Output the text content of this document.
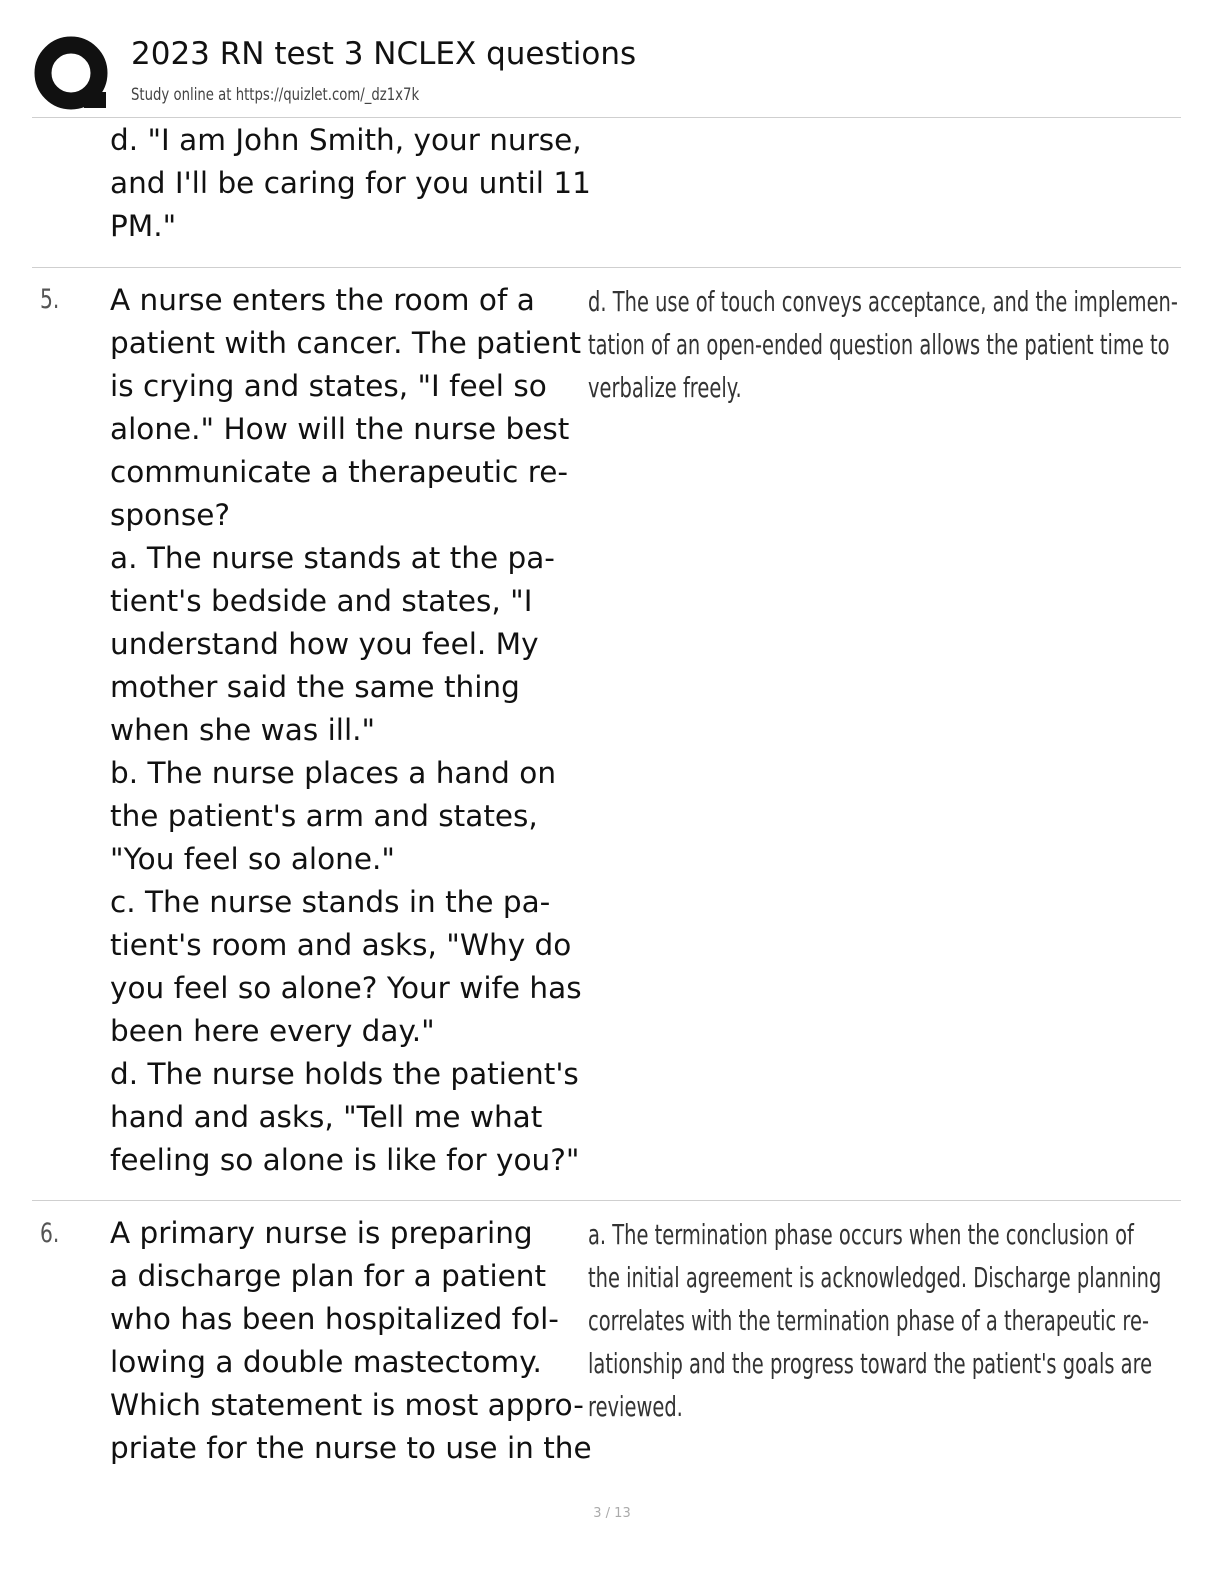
2023 RN test 3 NCLEX questions
Study online at https://quizlet.com/_dz1x7k
d. "I am John Smith, your nurse,
and I'll be caring for you until 11
PM."
5. A nurse enters the room of a
patient with cancer. The patient
is crying and states, "I feel so
alone." How will the nurse best
communicate a therapeutic re-
sponse?
a. The nurse stands at the pa-
tient's bedside and states, "I
understand how you feel. My
mother said the same thing
when she was ill."
b. The nurse places a hand on
the patient's arm and states,
"You feel so alone."
c. The nurse stands in the pa-
tient's room and asks, "Why do
you feel so alone? Your wife has
been here every day."
d. The nurse holds the patient's
hand and asks, "Tell me what
feeling so alone is like for you?"
d. The use of touch conveys acceptance, and the implemen-
tation of an open-ended question allows the patient time to
verbalize freely.
6. A primary nurse is preparing
a discharge plan for a patient
who has been hospitalized fol-
lowing a double mastectomy.
Which statement is most appro-
priate for the nurse to use in the
a. The termination phase occurs when the conclusion of
the initial agreement is acknowledged. Discharge planning
correlates with the termination phase of a therapeutic re-
lationship and the progress toward the patient's goals are
reviewed.
3 / 13
